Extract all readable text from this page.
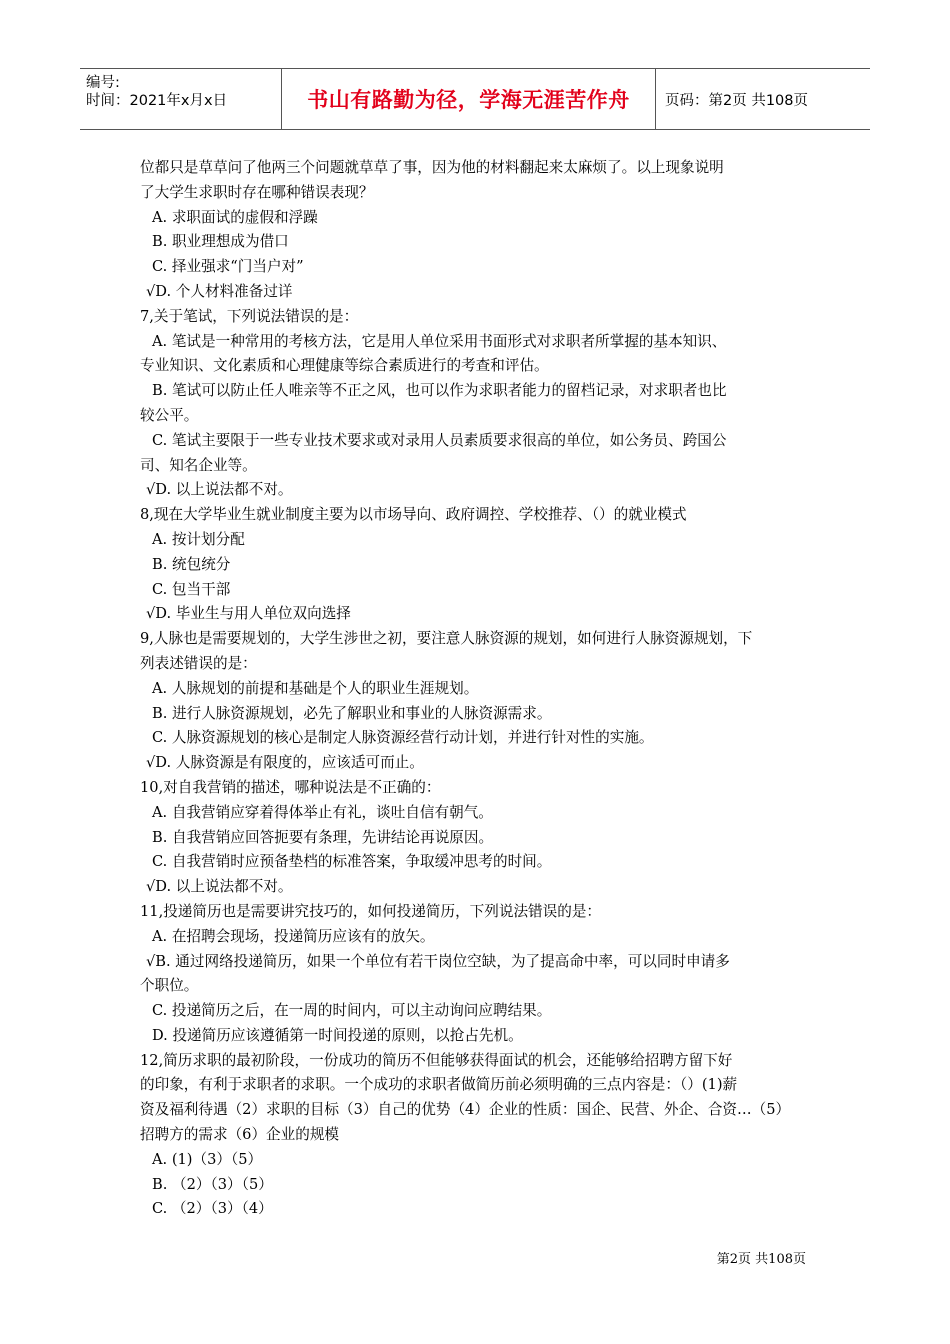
编号:
时间：2021年x月x日	书山有路勤为径，学海无涯苦作舟	页码：第2页 共108页
位都只是草草问了他两三个问题就草草了事，因为他的材料翻起来太麻烦了。以上现象说明
了大学生求职时存在哪种错误表现？
A. 求职面试的虚假和浮躁
B. 职业理想成为借口
C. 择业强求“门当户对”
√D. 个人材料准备过详
7,关于笔试，下列说法错误的是：
A. 笔试是一种常用的考核方法，它是用人单位采用书面形式对求职者所掌握的基本知识、
专业知识、文化素质和心理健康等综合素质进行的考查和评估。
B. 笔试可以防止任人唯亲等不正之风，也可以作为求职者能力的留档记录，对求职者也比
较公平。
C. 笔试主要限于一些专业技术要求或对录用人员素质要求很高的单位，如公务员、跨国公
司、知名企业等。
√D. 以上说法都不对。
8,现在大学毕业生就业制度主要为以市场导向、政府调控、学校推荐、（）的就业模式
A. 按计划分配
B. 统包统分
C. 包当干部
√D. 毕业生与用人单位双向选择
9,人脉也是需要规划的，大学生涉世之初，要注意人脉资源的规划，如何进行人脉资源规划，下
列表述错误的是：
A. 人脉规划的前提和基础是个人的职业生涯规划。
B. 进行人脉资源规划，必先了解职业和事业的人脉资源需求。
C. 人脉资源规划的核心是制定人脉资源经营行动计划，并进行针对性的实施。
√D. 人脉资源是有限度的，应该适可而止。
10,对自我营销的描述，哪种说法是不正确的：
A. 自我营销应穿着得体举止有礼，谈吐自信有朝气。
B. 自我营销应回答扼要有条理，先讲结论再说原因。
C. 自我营销时应预备垫档的标准答案，争取缓冲思考的时间。
√D. 以上说法都不对。
11,投递简历也是需要讲究技巧的，如何投递简历，下列说法错误的是：
A. 在招聘会现场，投递简历应该有的放矢。
√B. 通过网络投递简历，如果一个单位有若干岗位空缺，为了提高命中率，可以同时申请多
个职位。
C. 投递简历之后，在一周的时间内，可以主动询问应聘结果。
D. 投递简历应该遵循第一时间投递的原则，以抢占先机。
12,简历求职的最初阶段，一份成功的简历不但能够获得面试的机会，还能够给招聘方留下好
的印象，有利于求职者的求职。一个成功的求职者做简历前必须明确的三点内容是：（）(1)薪
资及福利待遇（2）求职的目标（3）自己的优势（4）企业的性质：国企、民营、外企、合资…（5）
招聘方的需求（6）企业的规模
A. (1)（3）（5）
B. （2）（3）（5）
C. （2）（3）（4）
第2页 共108页
